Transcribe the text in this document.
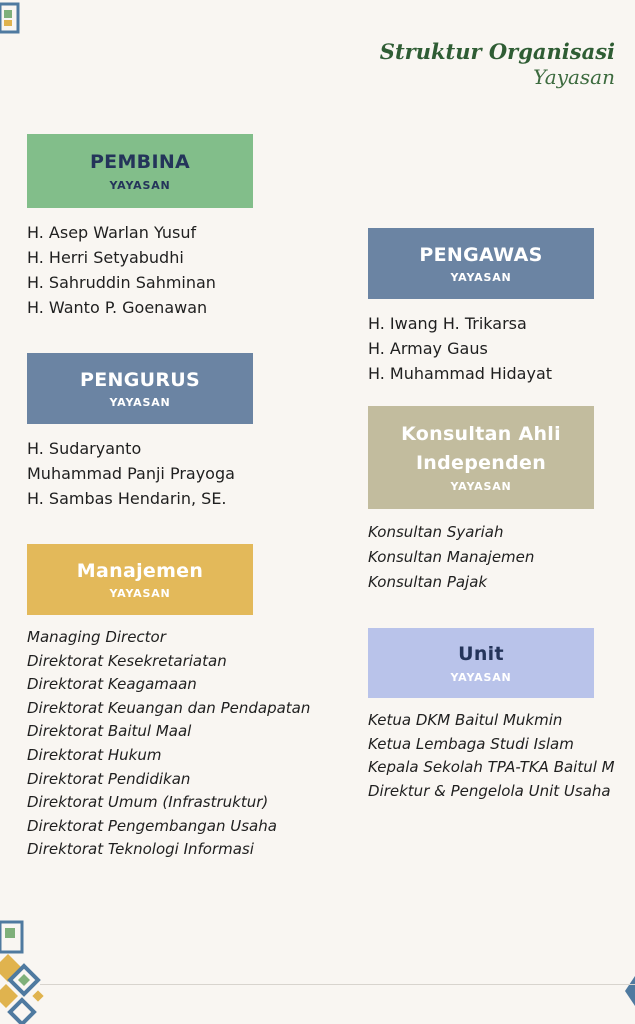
Struktur Organisasi
Yayasan
PEMBINA
YAYASAN
H. Asep Warlan Yusuf
H. Herri Setyabudhi
H. Sahruddin Sahminan
H. Wanto P. Goenawan
PENGURUS
YAYASAN
H. Sudaryanto
Muhammad Panji Prayoga
H. Sambas Hendarin, SE.
Manajemen
YAYASAN
Managing Director
Direktorat Kesekretariatan
Direktorat Keagamaan
Direktorat Keuangan dan Pendapatan
Direktorat Baitul Maal
Direktorat Hukum
Direktorat Pendidikan
Direktorat Umum (Infrastruktur)
Direktorat Pengembangan Usaha
Direktorat Teknologi Informasi
PENGAWAS
YAYASAN
H. Iwang H. Trikarsa
H. Armay Gaus
H. Muhammad Hidayat
Konsultan Ahli
Independen
YAYASAN
Konsultan Syariah
Konsultan Manajemen
Konsultan Pajak
Unit
YAYASAN
Ketua DKM Baitul Mukmin
Ketua Lembaga Studi Islam
Kepala Sekolah TPA-TKA Baitul M
Direktur & Pengelola Unit Usaha
